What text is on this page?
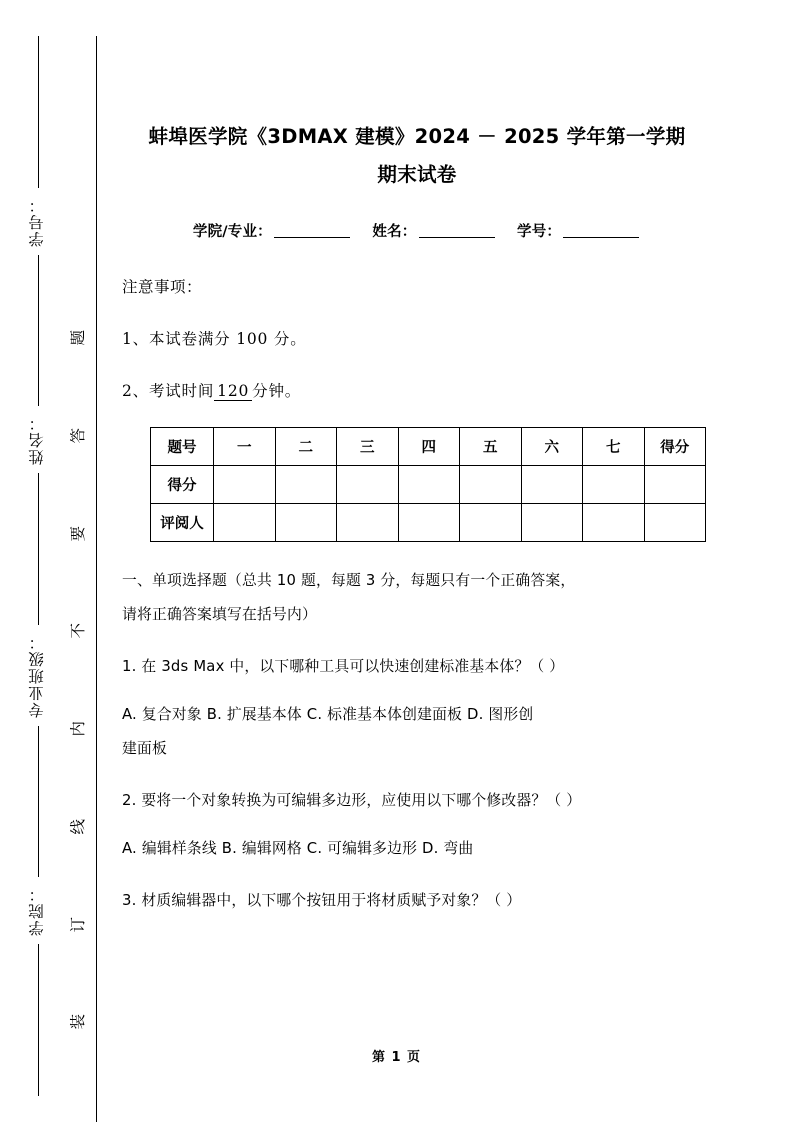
学号：
姓名：
专业班级：
学院：
题
答
要
不
内
线
订
装
蚌埠医学院《3DMAX 建模》2024 － 2025 学年第一学期
期末试卷
学院/专业：	姓名：	学号：
注意事项：
1、本试卷满分 100 分。
2、考试时间 120 分钟。
题号	一	二	三	四	五	六	七	得分
得分								
评阅人								
一、单项选择题（总共 10 题，每题 3 分，每题只有一个正确答案，
请将正确答案填写在括号内）
1. 在 3ds Max 中，以下哪种工具可以快速创建标准基本体？（ ）
A. 复合对象 B. 扩展基本体 C. 标准基本体创建面板 D. 图形创
建面板
2. 要将一个对象转换为可编辑多边形，应使用以下哪个修改器？（ ）
A. 编辑样条线 B. 编辑网格 C. 可编辑多边形 D. 弯曲
3. 材质编辑器中，以下哪个按钮用于将材质赋予对象？（ ）
第 1 页
